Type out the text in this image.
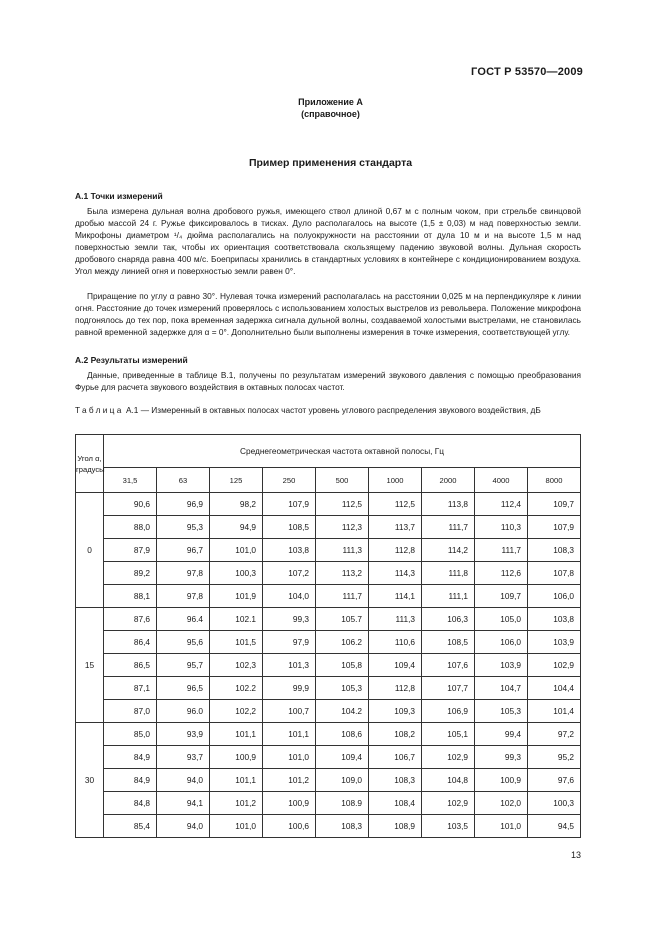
ГОСТ Р 53570—2009
Приложение А
(справочное)
Пример применения стандарта
А.1 Точки измерений

Была измерена дульная волна дробового ружья, имеющего ствол длиной 0,67 м с полным чоком, при стрельбе свинцовой дробью массой 24 г. Ружье фиксировалось в тисках. Дуло располагалось на высоте (1,5 ± 0,03) м над поверхностью земли. Микрофоны диаметром ¹/₄ дюйма располагались на полуокружности на расстоянии от дула 10 м и на высоте 1,5 м над поверхностью земли так, чтобы их ориентация соответствовала скользящему падению звуковой волны. Дульная скорость дробового снаряда равна 400 м/с. Боеприпасы хранились в стандартных условиях в контейнере с кондиционированием воздуха. Угол между линией огня и поверхностью земли равен 0°.

Приращение по углу α равно 30°. Нулевая точка измерений располагалась на расстоянии 0,025 м на перпендикуляре к линии огня. Расстояние до точек измерений проверялось с использованием холостых выстрелов из револьвера. Положение микрофона подгонялось до тех пор, пока временная задержка сигнала дульной волны, создаваемой холостыми выстрелами, не становилась равной временной задержке для α = 0°. Дополнительно были выполнены измерения в точке измерения, соответствующей углу.

А.2 Результаты измерений

Данные, приведенные в таблице В.1, получены по результатам измерений звукового давления с помощью преобразования Фурье для расчета звукового воздействия в октавных полосах частот.

Таблица А.1 — Измеренный в октавных полосах частот уровень углового распределения звукового воздействия, дБ
Угол α,
градусы	Среднегеометрическая частота октавной полосы, Гц								
	31,5	63	125	250	500	1000	2000	4000	8000
0	90,6	96,9	98,2	107,9	112,5	112,5	113,8	112,4	109,7
	88,0	95,3	94,9	108,5	112,3	113,7	111,7	110,3	107,9
	87,9	96,7	101,0	103,8	111,3	112,8	114,2	111,7	108,3
	89,2	97,8	100,3	107,2	113,2	114,3	111,8	112,6	107,8
	88,1	97,8	101,9	104,0	111,7	114,1	111,1	109,7	106,0
15	87,6	96.4	102.1	99,3	105.7	111,3	106,3	105,0	103,8
	86,4	95,6	101,5	97,9	106.2	110,6	108,5	106,0	103,9
	86,5	95,7	102,3	101,3	105,8	109,4	107,6	103,9	102,9
	87,1	96,5	102.2	99,9	105,3	112,8	107,7	104,7	104,4
	87,0	96.0	102,2	100,7	104.2	109,3	106,9	105,3	101,4
30	85,0	93,9	101,1	101,1	108,6	108,2	105,1	99,4	97,2
	84,9	93,7	100,9	101,0	109,4	106,7	102,9	99,3	95,2
	84,9	94,0	101,1	101,2	109,0	108,3	104,8	100,9	97,6
	84,8	94,1	101,2	100,9	108.9	108,4	102,9	102,0	100,3
	85,4	94,0	101,0	100,6	108,3	108,9	103,5	101,0	94,5
13
